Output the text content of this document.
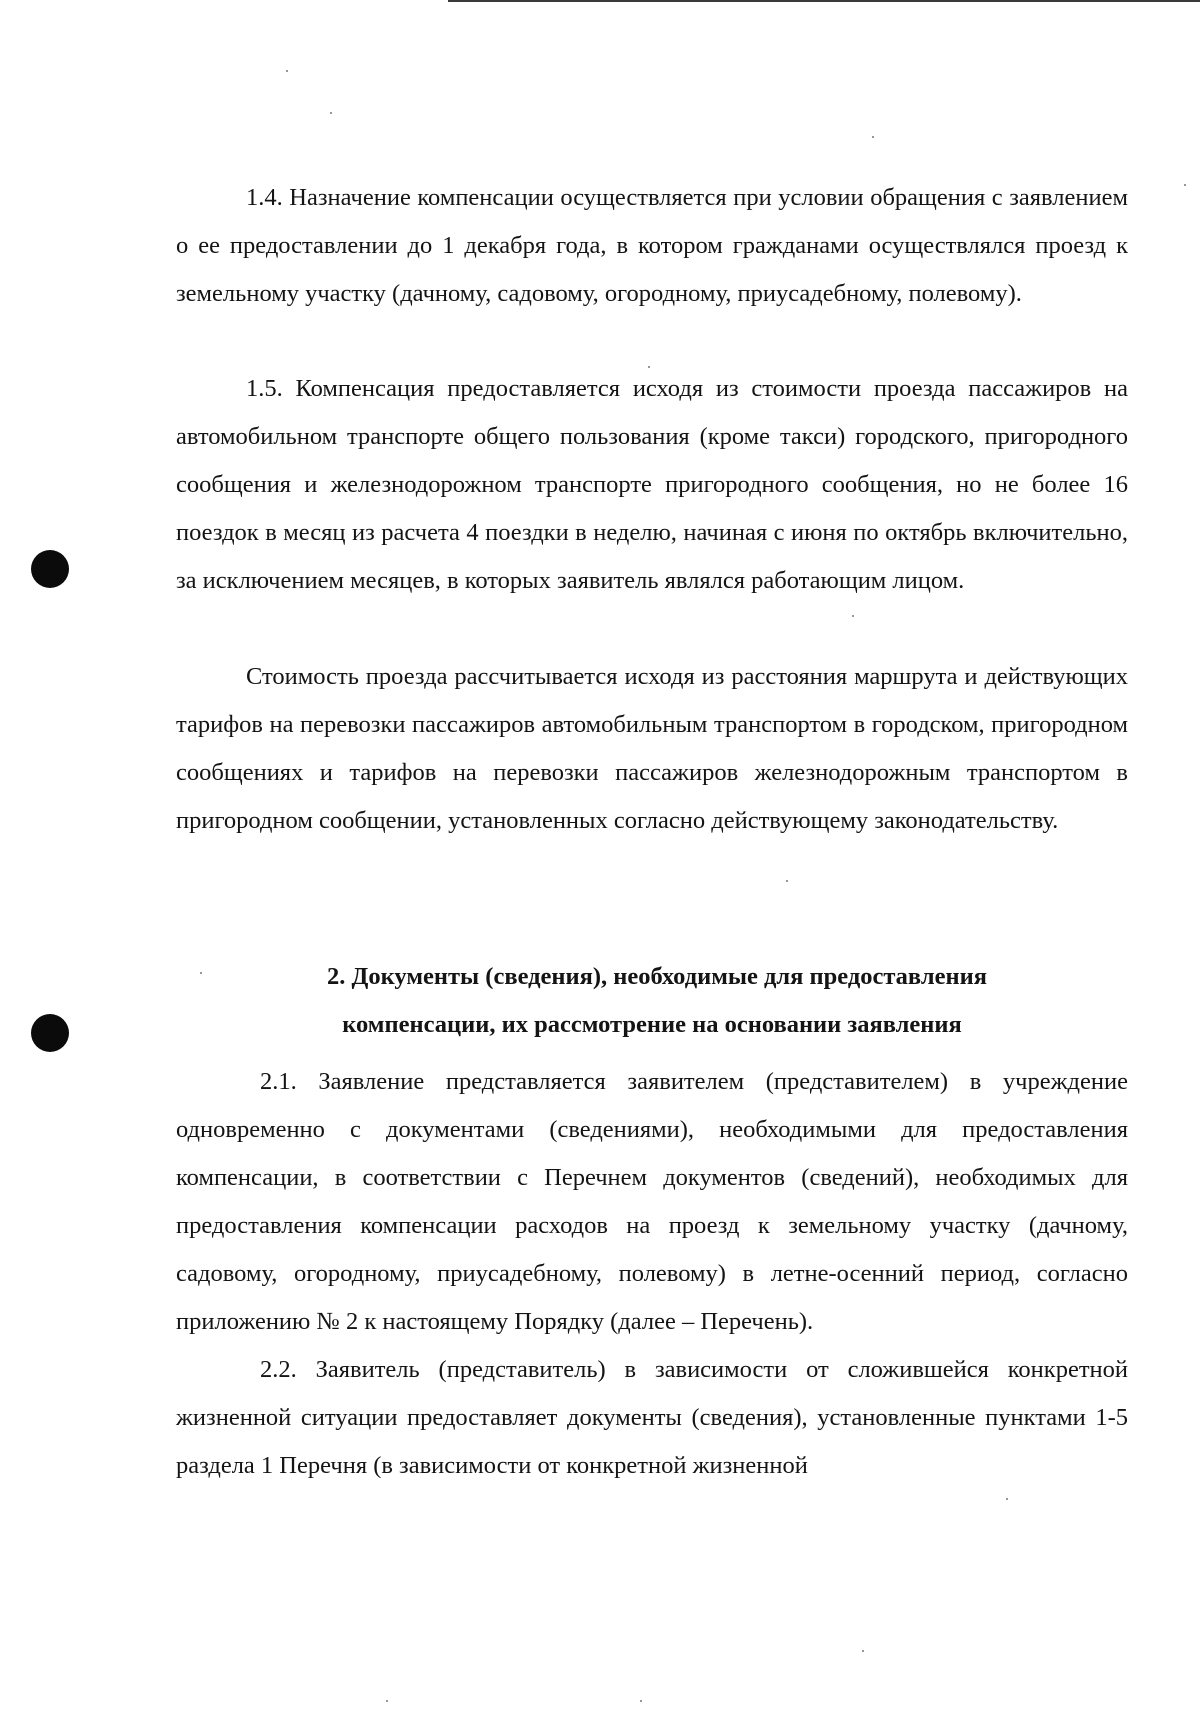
1.4. Назначение компенсации осуществляется при условии обращения с заявлением о ее предоставлении до 1 декабря года, в котором гражданами осуществлялся проезд к земельному участку (дачному, садовому, огородному, приусадебному, полевому).

1.5. Компенсация предоставляется исходя из стоимости проезда пассажиров на автомобильном транспорте общего пользования (кроме такси) городского, пригородного сообщения и железнодорожном транспорте пригородного сообщения, но не более 16 поездок в месяц из расчета 4 поездки в неделю, начиная с июня по октябрь включительно, за исключением месяцев, в которых заявитель являлся работающим лицом.

Стоимость проезда рассчитывается исходя из расстояния маршрута и действующих тарифов на перевозки пассажиров автомобильным транспортом в городском, пригородном сообщениях и тарифов на перевозки пассажиров железнодорожным транспортом в пригородном сообщении, установленных согласно действующему законодательству.

2. Документы (сведения), необходимые для предоставления
компенсации, их рассмотрение на основании заявления

2.1. Заявление представляется заявителем (представителем) в учреждение одновременно с документами (сведениями), необходимыми для предоставления компенсации, в соответствии с Перечнем документов (сведений), необходимых для предоставления компенсации расходов на проезд к земельному участку (дачному, садовому, огородному, приусадебному, полевому) в летне-осенний период, согласно приложению № 2 к настоящему Порядку (далее – Перечень).

2.2. Заявитель (представитель) в зависимости от сложившейся конкретной жизненной ситуации предоставляет документы (сведения), установленные пунктами 1-5 раздела 1 Перечня (в зависимости от конкретной жизненной
